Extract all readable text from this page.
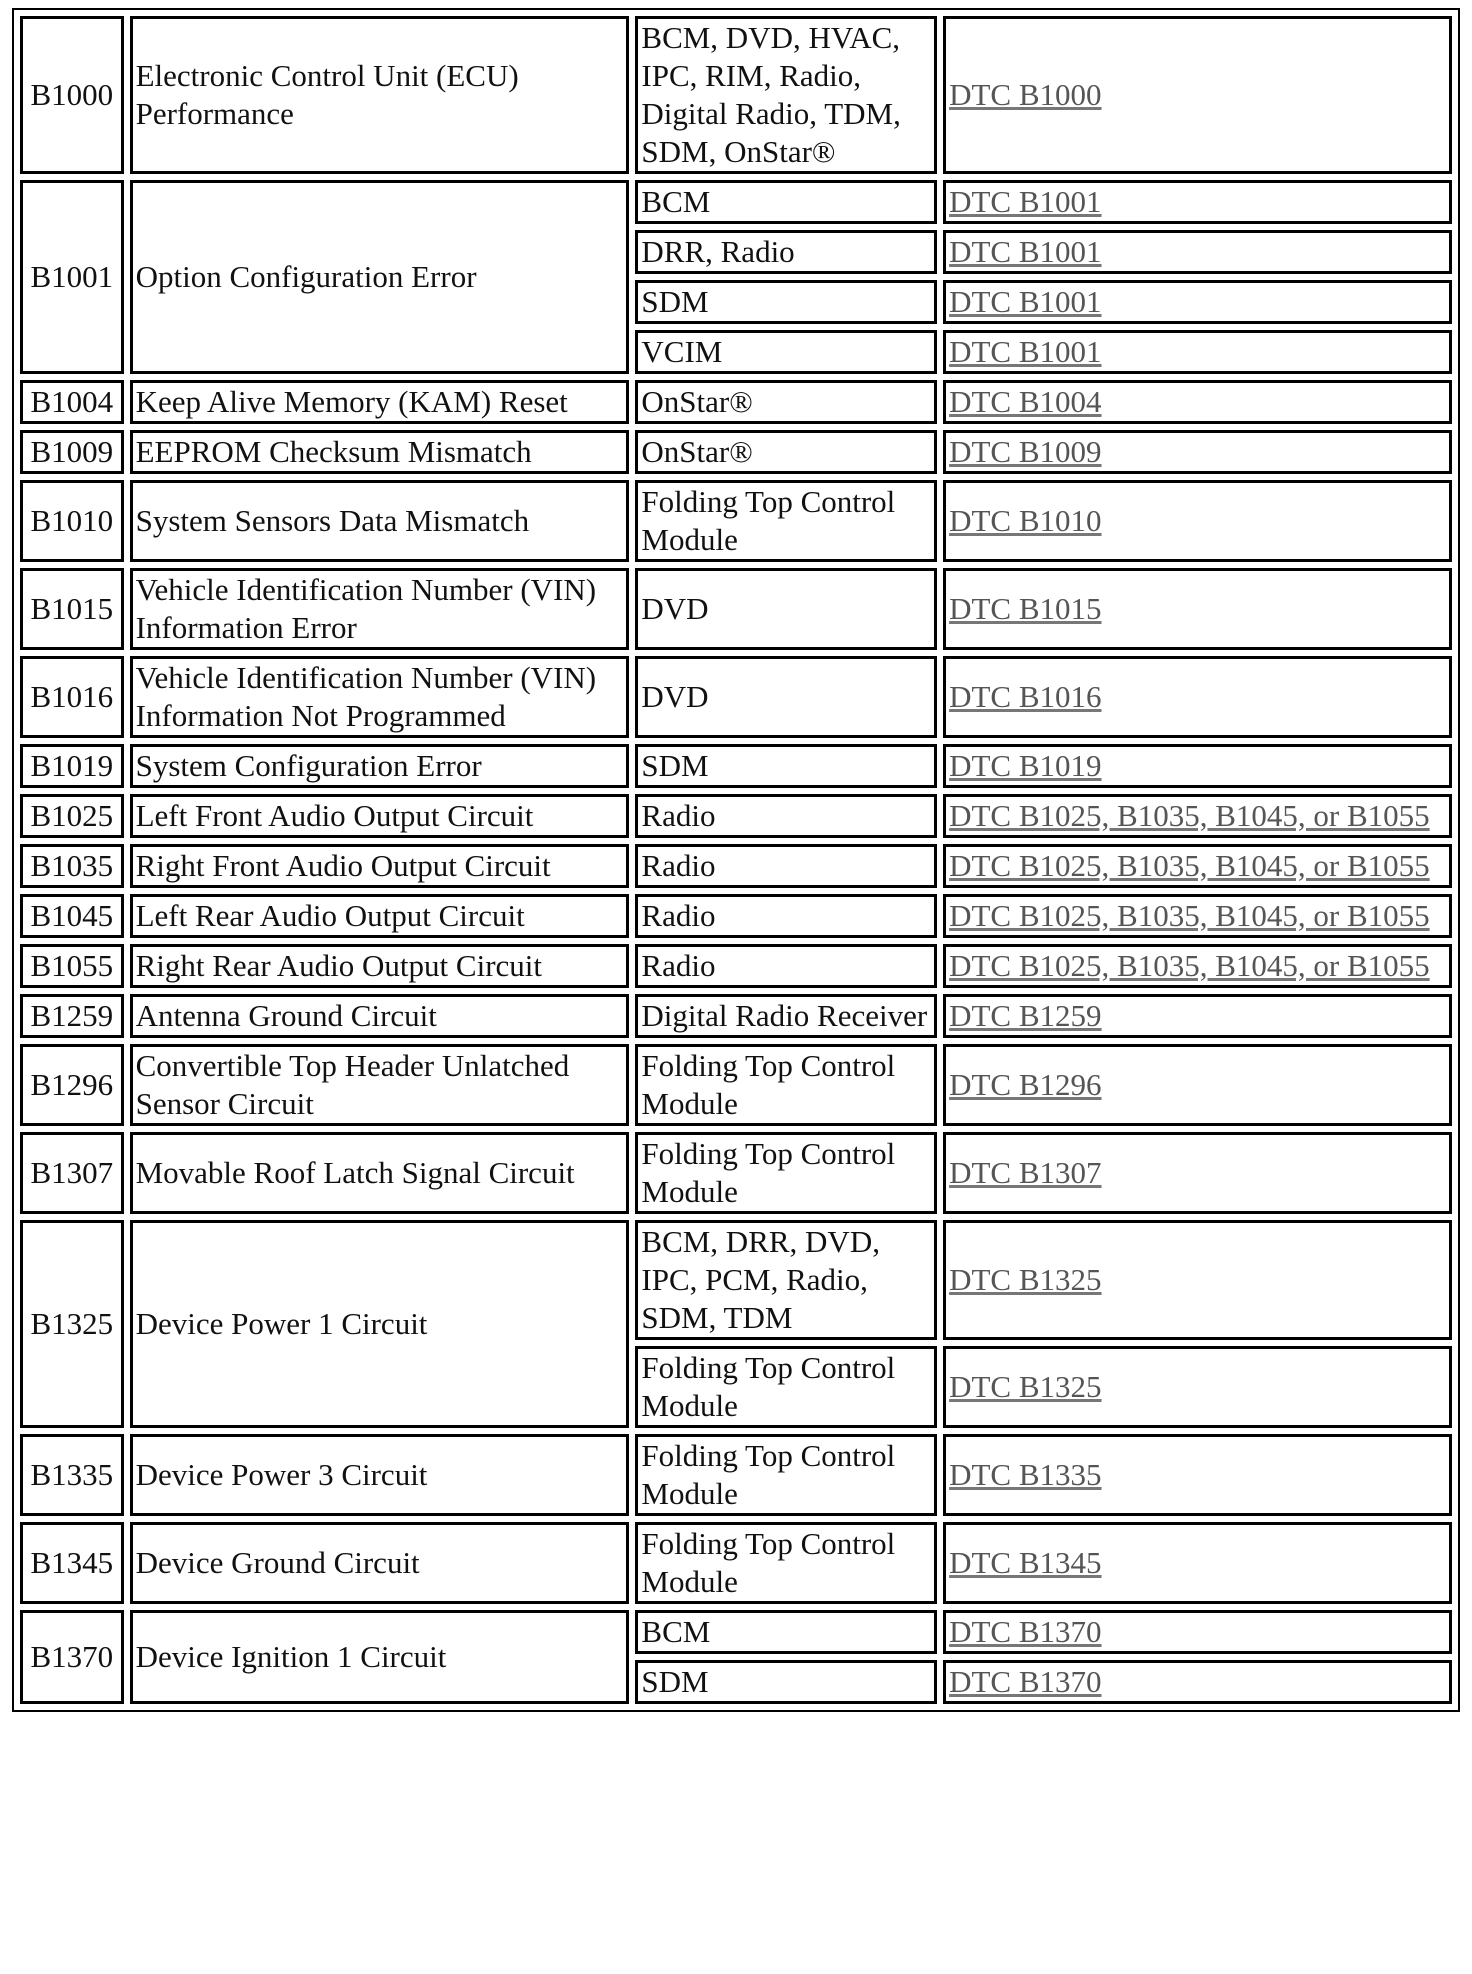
B1000	Electronic Control Unit (ECU) Performance	BCM, DVD, HVAC, IPC, RIM, Radio, Digital Radio, TDM, SDM, OnStar®	DTC B1000
B1001	Option Configuration Error	BCM	DTC B1001
		DRR, Radio	DTC B1001
		SDM	DTC B1001
		VCIM	DTC B1001
B1004	Keep Alive Memory (KAM) Reset	OnStar®	DTC B1004
B1009	EEPROM Checksum Mismatch	OnStar®	DTC B1009
B1010	System Sensors Data Mismatch	Folding Top Control Module	DTC B1010
B1015	Vehicle Identification Number (VIN) Information Error	DVD	DTC B1015
B1016	Vehicle Identification Number (VIN) Information Not Programmed	DVD	DTC B1016
B1019	System Configuration Error	SDM	DTC B1019
B1025	Left Front Audio Output Circuit	Radio	DTC B1025, B1035, B1045, or B1055
B1035	Right Front Audio Output Circuit	Radio	DTC B1025, B1035, B1045, or B1055
B1045	Left Rear Audio Output Circuit	Radio	DTC B1025, B1035, B1045, or B1055
B1055	Right Rear Audio Output Circuit	Radio	DTC B1025, B1035, B1045, or B1055
B1259	Antenna Ground Circuit	Digital Radio Receiver	DTC B1259
B1296	Convertible Top Header Unlatched Sensor Circuit	Folding Top Control Module	DTC B1296
B1307	Movable Roof Latch Signal Circuit	Folding Top Control Module	DTC B1307
B1325	Device Power 1 Circuit	BCM, DRR, DVD, IPC, PCM, Radio, SDM, TDM	DTC B1325
		Folding Top Control Module	DTC B1325
B1335	Device Power 3 Circuit	Folding Top Control Module	DTC B1335
B1345	Device Ground Circuit	Folding Top Control Module	DTC B1345
B1370	Device Ignition 1 Circuit	BCM	DTC B1370
		SDM	DTC B1370
